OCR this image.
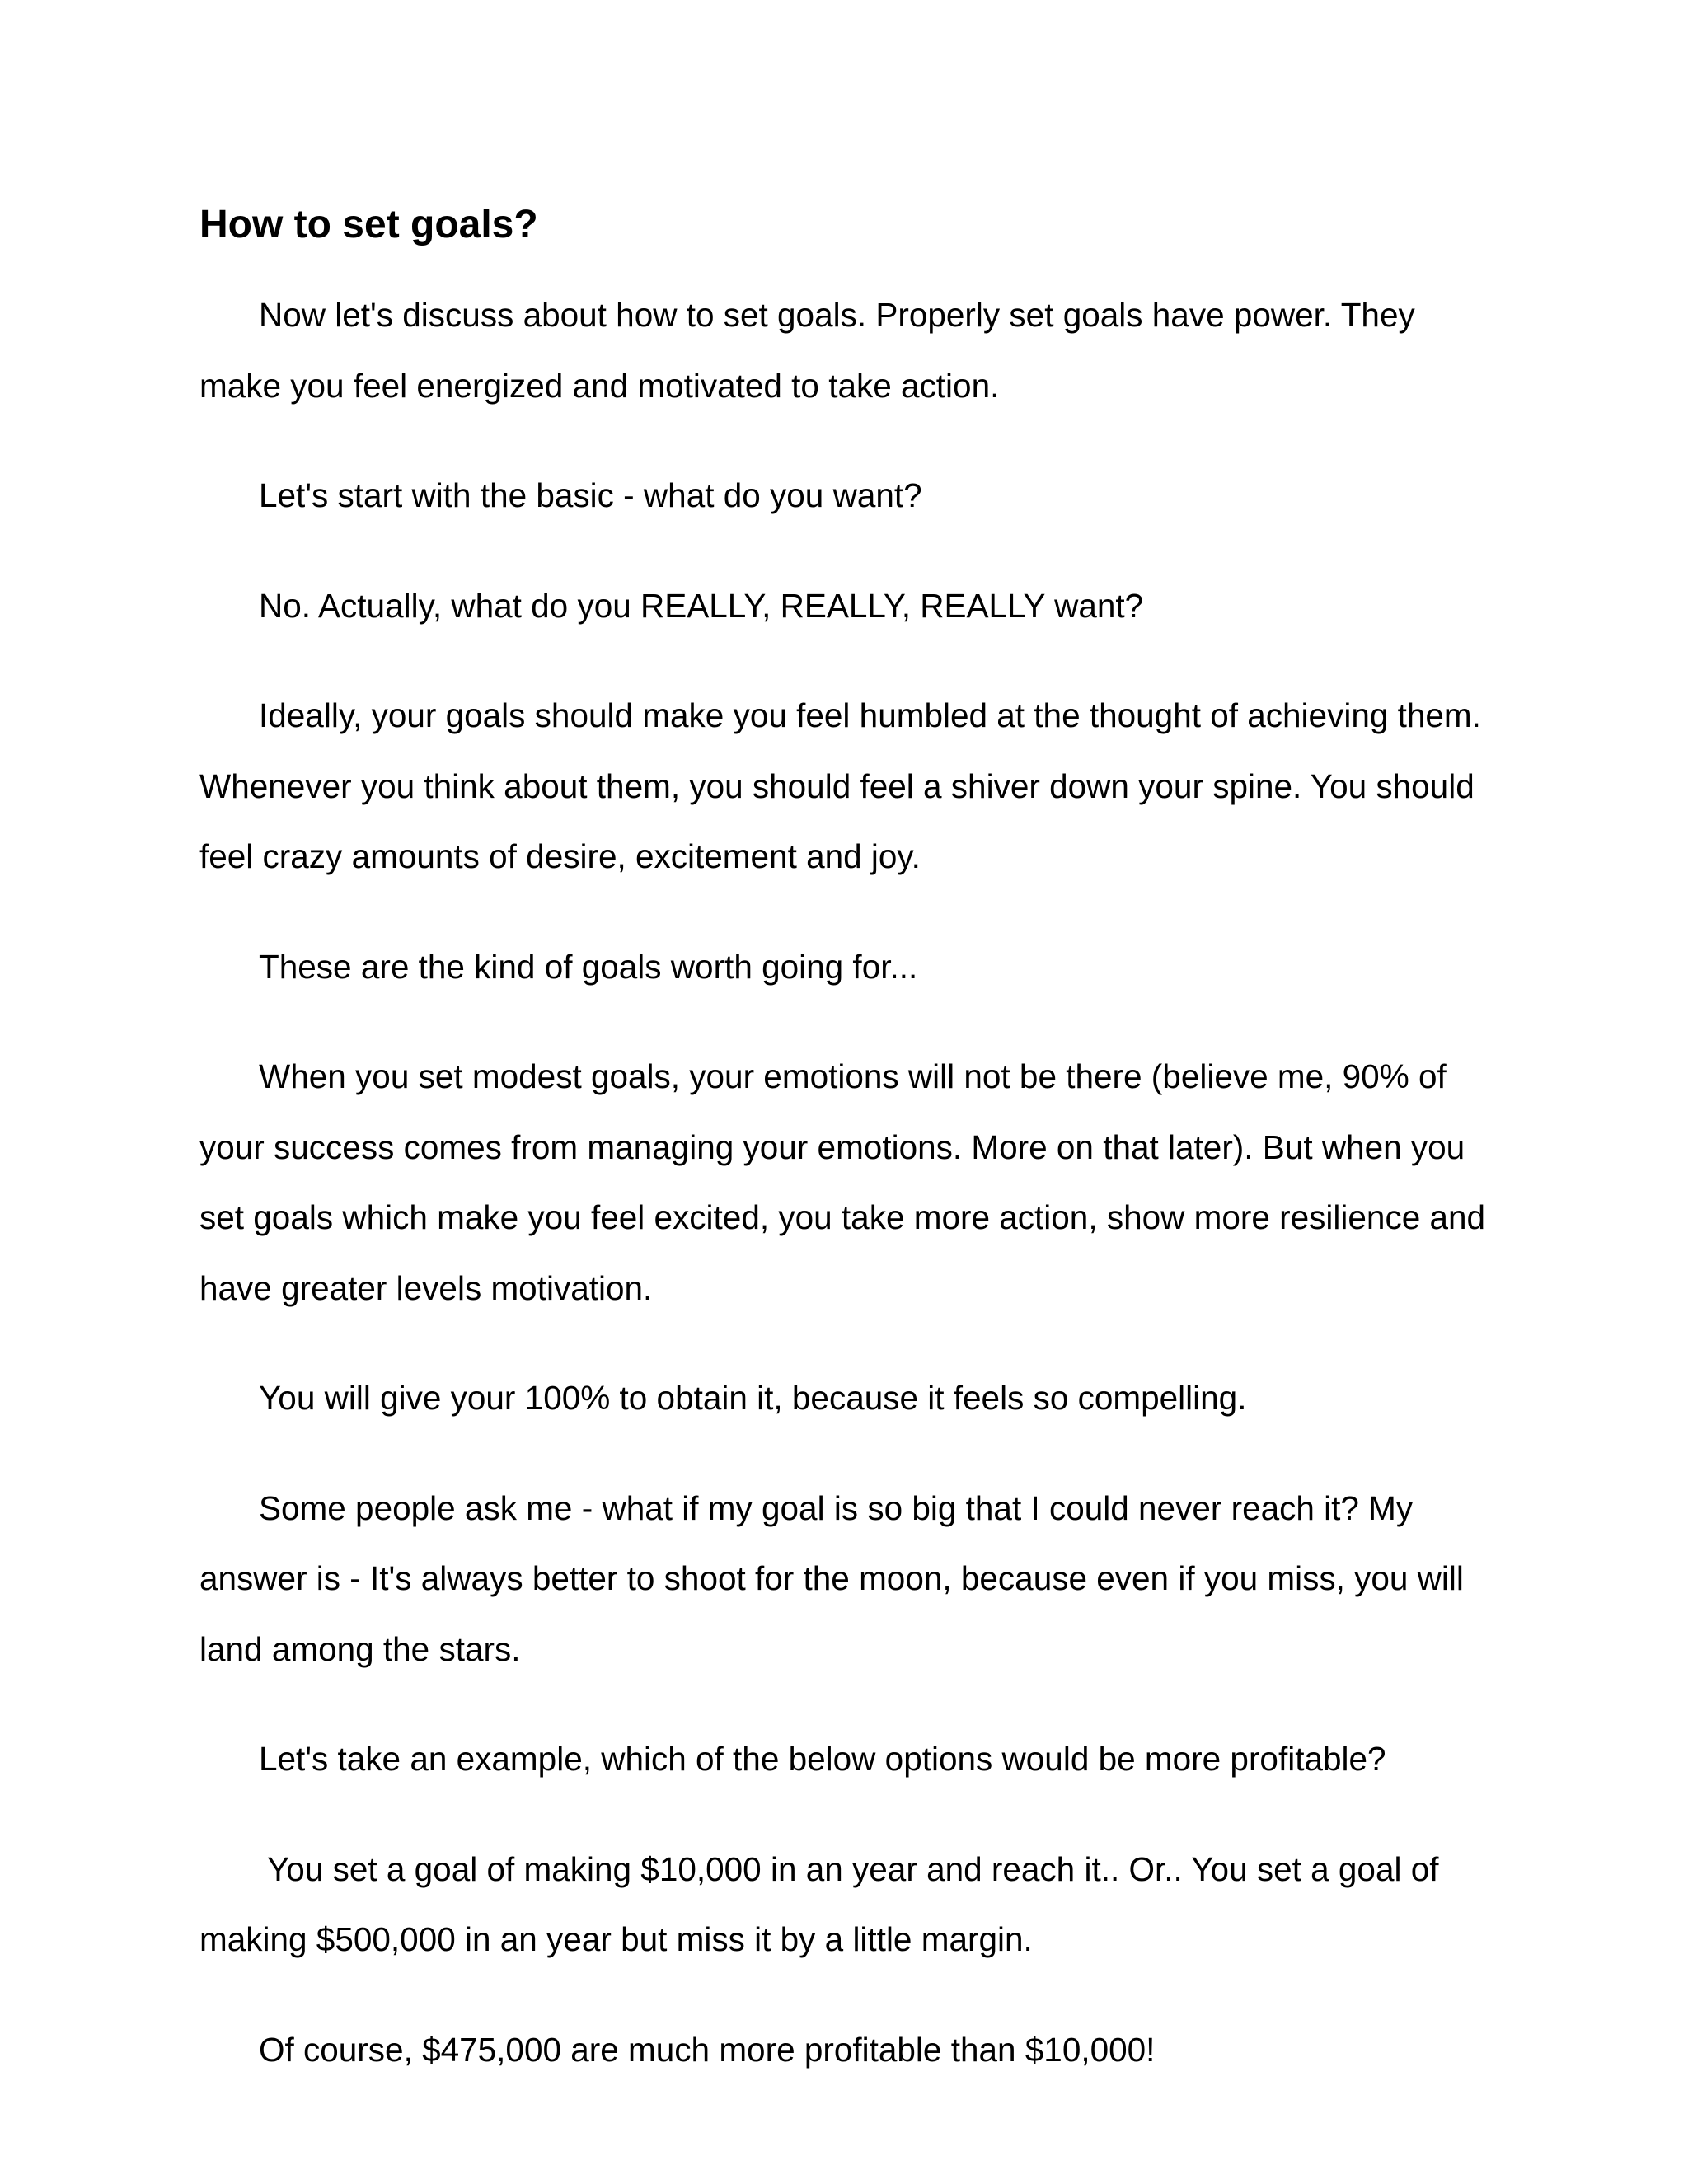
How to set goals?

Now let's discuss about how to set goals. Properly set goals have power. They make you feel energized and motivated to take action.

Let's start with the basic - what do you want?

No. Actually, what do you REALLY, REALLY, REALLY want?

Ideally, your goals should make you feel humbled at the thought of achieving them. Whenever you think about them, you should feel a shiver down your spine. You should feel crazy amounts of desire, excitement and joy.

These are the kind of goals worth going for...

When you set modest goals, your emotions will not be there (believe me, 90% of your success comes from managing your emotions. More on that later). But when you set goals which make you feel excited, you take more action, show more resilience and have greater levels motivation.

You will give your 100% to obtain it, because it feels so compelling.

Some people ask me - what if my goal is so big that I could never reach it? My answer is - It's always better to shoot for the moon, because even if you miss, you will land among the stars.

Let's take an example, which of the below options would be more profitable?

You set a goal of making $10,000 in an year and reach it.. Or.. You set a goal of making $500,000 in an year but miss it by a little margin.

Of course, $475,000 are much more profitable than $10,000!
